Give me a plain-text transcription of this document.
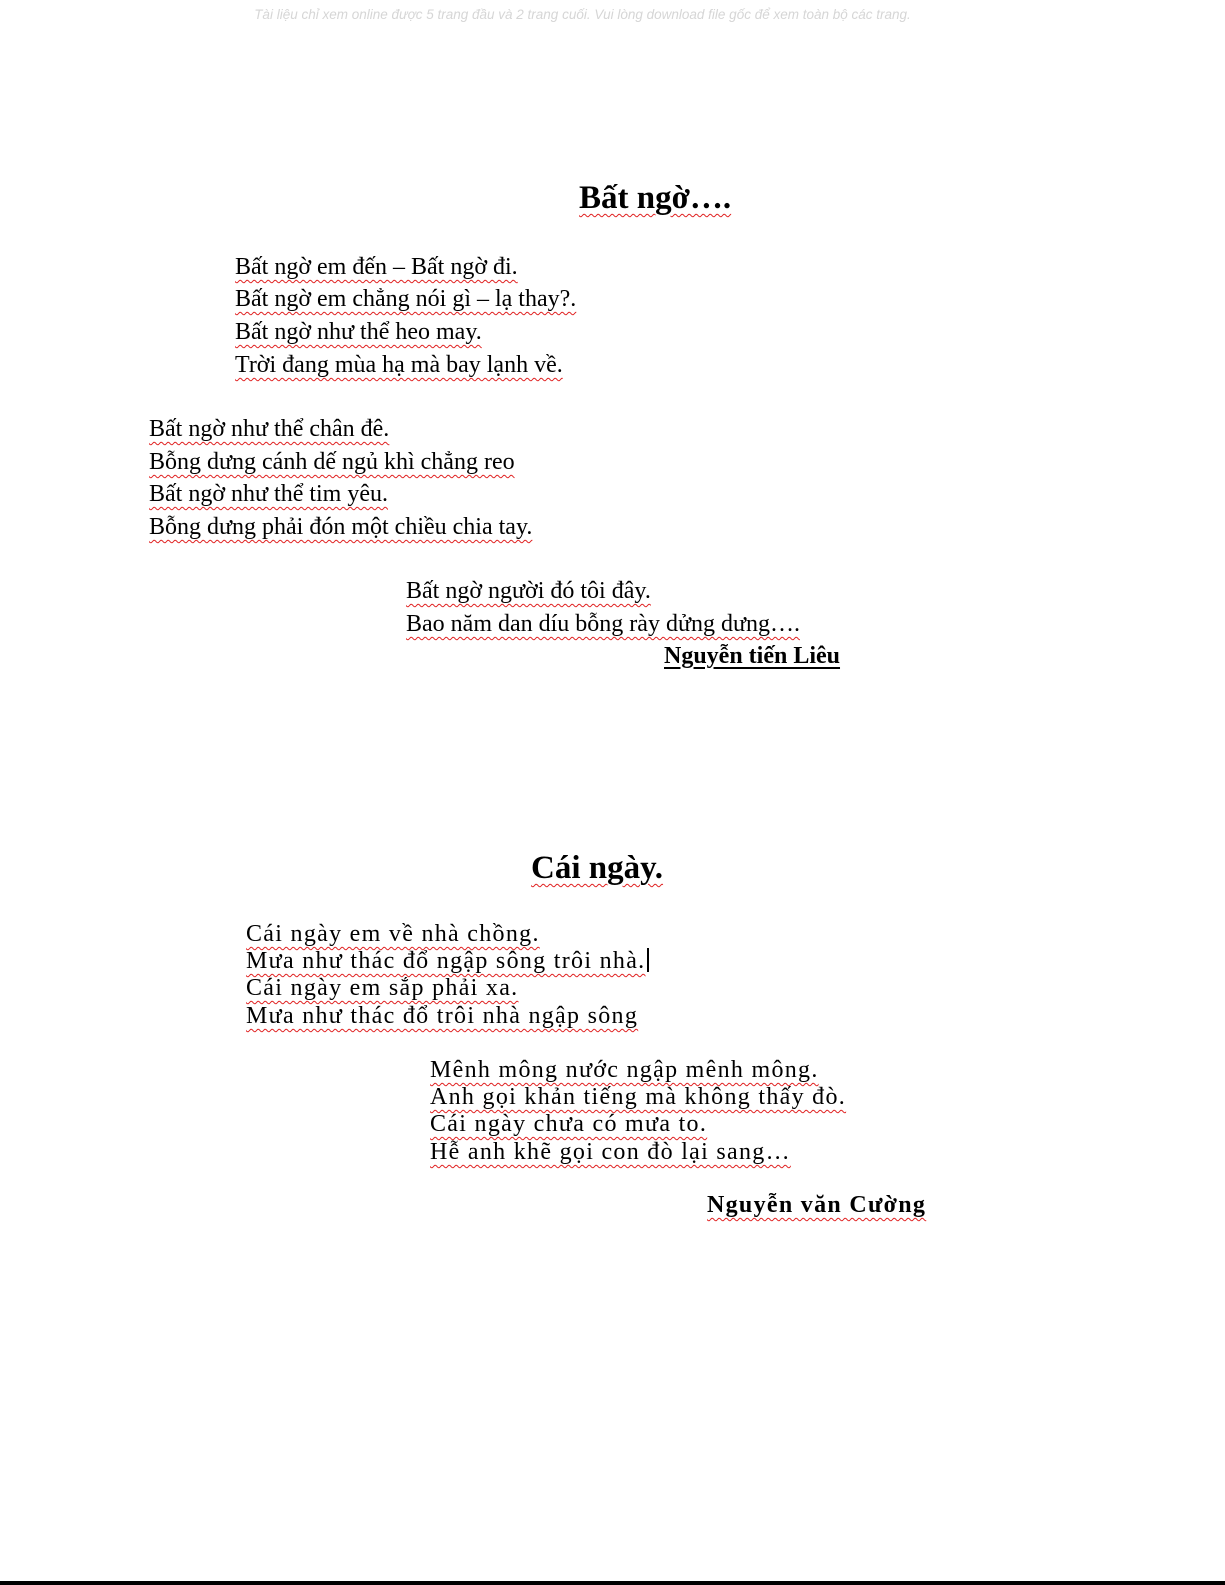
Tài liệu chỉ xem online được 5 trang đầu và 2 trang cuối. Vui lòng download file gốc để xem toàn bộ các trang.
Bất ngờ….
Bất ngờ em đến – Bất ngờ đi.
Bất ngờ em chẳng nói gì – lạ thay?.
Bất ngờ như thể heo may.
Trời đang mùa hạ mà bay lạnh về.
Bất ngờ như thể chân đê.
Bỗng dưng cánh dế ngủ khì chẳng reo
Bất ngờ như thể tim yêu.
Bỗng dưng phải đón một chiều chia tay.
Bất ngờ người đó tôi đây.
Bao năm dan díu bỗng rày dửng dưng….
Nguyễn tiến Liêu
Cái ngày.
Cái ngày em về nhà chồng.
Mưa như thác đổ ngập sông trôi nhà.
Cái ngày em sắp phải xa.
Mưa như thác đổ trôi nhà ngập sông
Mênh mông nước ngập mênh mông.
Anh gọi khản tiếng mà không thấy đò.
Cái ngày chưa có mưa to.
Hễ anh khẽ gọi con đò lại sang…
Nguyễn văn Cường
